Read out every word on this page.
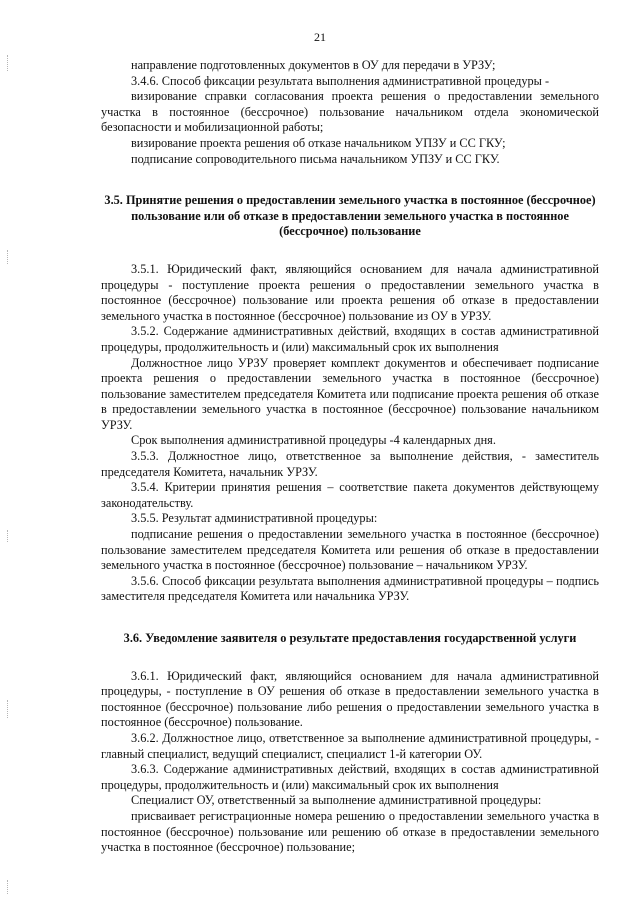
21

направление подготовленных документов в ОУ для передачи в УРЗУ;

3.4.6. Способ фиксации результата выполнения административной процедуры -

визирование справки согласования проекта решения о предоставлении земельного участка в постоянное (бессрочное) пользование начальником отдела экономической безопасности и мобилизационной работы;

визирование проекта решения об отказе начальником УПЗУ и СС ГКУ;

подписание сопроводительного письма начальником УПЗУ и СС ГКУ.

3.5. Принятие решения о предоставлении земельного участка в постоянное (бессрочное) пользование или об отказе в предоставлении земельного участка в постоянное (бессрочное) пользование

3.5.1. Юридический факт, являющийся основанием для начала административной процедуры - поступление проекта решения о предоставлении земельного участка в постоянное (бессрочное) пользование или проекта решения об отказе в предоставлении земельного участка в постоянное (бессрочное) пользование из ОУ в УРЗУ.

3.5.2. Содержание административных действий, входящих в состав административной процедуры, продолжительность и (или) максимальный срок их выполнения

Должностное лицо УРЗУ проверяет комплект документов и обеспечивает подписание проекта решения о предоставлении земельного участка в постоянное (бессрочное) пользование заместителем председателя Комитета или подписание проекта решения об отказе в предоставлении земельного участка в постоянное (бессрочное) пользование начальником УРЗУ.

Срок выполнения административной процедуры -4 календарных дня.

3.5.3. Должностное лицо, ответственное за выполнение действия, - заместитель председателя Комитета, начальник УРЗУ.

3.5.4. Критерии принятия решения – соответствие пакета документов действующему законодательству.

3.5.5. Результат административной процедуры:

подписание решения о предоставлении земельного участка в постоянное (бессрочное) пользование заместителем председателя Комитета или решения об отказе в предоставлении земельного участка в постоянное (бессрочное) пользование – начальником УРЗУ.

3.5.6. Способ фиксации результата выполнения административной процедуры – подпись заместителя председателя Комитета или начальника УРЗУ.

3.6. Уведомление заявителя о результате предоставления государственной услуги

3.6.1. Юридический факт, являющийся основанием для начала административной процедуры, - поступление в ОУ решения об отказе в предоставлении земельного участка в постоянное (бессрочное) пользование либо решения о предоставлении земельного участка в постоянное (бессрочное) пользование.

3.6.2. Должностное лицо, ответственное за выполнение административной процедуры, - главный специалист, ведущий специалист, специалист 1-й категории ОУ.

3.6.3. Содержание административных действий, входящих в состав административной процедуры, продолжительность и (или) максимальный срок их выполнения

Специалист ОУ, ответственный за выполнение административной процедуры:

присваивает регистрационные номера решению о предоставлении земельного участка в постоянное (бессрочное) пользование или решению об отказе в предоставлении земельного участка в постоянное (бессрочное) пользование;
